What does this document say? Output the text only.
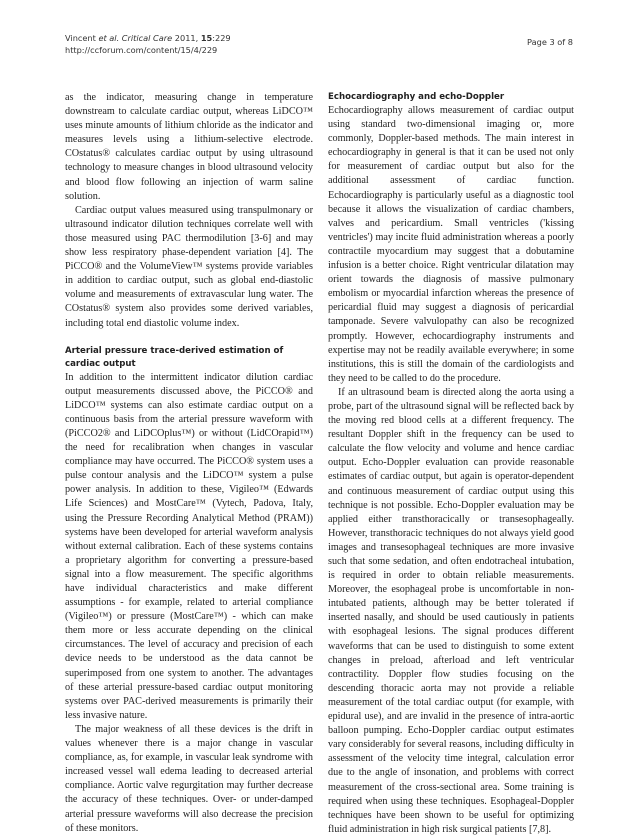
Vincent et al. Critical Care 2011, 15:229
http://ccforum.com/content/15/4/229
Page 3 of 8

as the indicator, measuring change in temperature downstream to calculate cardiac output, whereas LiDCO™ uses minute amounts of lithium chloride as the indicator and measures levels using a lithium-selective electrode. COstatus® calculates cardiac output by using ultrasound technology to measure changes in blood ultrasound velocity and blood flow following an injection of warm saline solution.

Cardiac output values measured using transpulmonary or ultrasound indicator dilution techniques correlate well with those measured using PAC thermodilution [3-6] and may show less respiratory phase-dependent variation [4]. The PiCCO® and the VolumeView™ systems provide variables in addition to cardiac output, such as global end-diastolic volume and measurements of extravascular lung water. The COstatus® system also provides some derived variables, including total end diastolic volume index.

Arterial pressure trace-derived estimation of cardiac output

In addition to the intermittent indicator dilution cardiac output measurements discussed above, the PiCCO® and LiDCO™ systems can also estimate cardiac output on a continuous basis from the arterial pressure waveform with (PiCCO2® and LiDCOplus™) or without (LidCOrapid™) the need for recalibration when changes in vascular compliance may have occurred. The PiCCO® system uses a pulse contour analysis and the LiDCO™ system a pulse power analysis. In addition to these, Vigileo™ (Edwards Life Sciences) and MostCare™ (Vytech, Padova, Italy, using the Pressure Recording Analytical Method (PRAM)) systems have been developed for arterial waveform analysis without external calibration. Each of these systems contains a proprietary algorithm for converting a pressure-based signal into a flow measurement. The specific algorithms have individual characteristics and make different assumptions - for example, related to arterial compliance (Vigileo™) or pressure (MostCare™) - which can make them more or less accurate depending on the clinical circumstances. The level of accuracy and precision of each device needs to be understood as the data cannot be superimposed from one system to another. The advantages of these arterial pressure-based cardiac output monitoring systems over PAC-derived measurements is primarily their less invasive nature.

The major weakness of all these devices is the drift in values whenever there is a major change in vascular compliance, as, for example, in vascular leak syndrome with increased vessel wall edema leading to decreased arterial compliance. Aortic valve regurgitation may further decrease the accuracy of these techniques. Over- or under-damped arterial pressure waveforms will also decrease the precision of these monitors.

Echocardiography and echo-Doppler

Echocardiography allows measurement of cardiac output using standard two-dimensional imaging or, more commonly, Doppler-based methods. The main interest in echocardiography in general is that it can be used not only for measurement of cardiac output but also for the additional assessment of cardiac function. Echocardiography is particularly useful as a diagnostic tool because it allows the visualization of cardiac chambers, valves and pericardium. Small ventricles ('kissing ventricles') may incite fluid administration whereas a poorly contractile myocardium may suggest that a dobutamine infusion is a better choice. Right ventricular dilatation may orient towards the diagnosis of massive pulmonary embolism or myocardial infarction whereas the presence of pericardial fluid may suggest a diagnosis of pericardial tamponade. Severe valvulopathy can also be recognized promptly. However, echocardiography instruments and expertise may not be readily available everywhere; in some institutions, this is still the domain of the cardiologists and they need to be called to do the procedure.

If an ultrasound beam is directed along the aorta using a probe, part of the ultrasound signal will be reflected back by the moving red blood cells at a different frequency. The resultant Doppler shift in the frequency can be used to calculate the flow velocity and volume and hence cardiac output. Echo-Doppler evaluation can provide reasonable estimates of cardiac output, but again is operator-dependent and continuous measurement of cardiac output using this technique is not possible. Echo-Doppler evaluation may be applied either transthoracically or transesophageally. However, transthoracic techniques do not always yield good images and transesophageal techniques are more invasive such that some sedation, and often endotracheal intubation, is required in order to obtain reliable measurements. Moreover, the esophageal probe is uncomfortable in non-intubated patients, although may be better tolerated if inserted nasally, and should be used cautiously in patients with esophageal lesions. The signal produces different waveforms that can be used to distinguish to some extent changes in preload, afterload and left ventricular contractility. Doppler flow studies focusing on the descending thoracic aorta may not provide a reliable measurement of the total cardiac output (for example, with epidural use), and are invalid in the presence of intra-aortic balloon pumping. Echo-Doppler cardiac output estimates vary considerably for several reasons, including difficulty in assessment of the velocity time integral, calculation error due to the angle of insonation, and problems with correct measurement of the cross-sectional area. Some training is required when using these techniques. Esophageal-Doppler techniques have been shown to be useful for optimizing fluid administration in high risk surgical patients [7,8].
